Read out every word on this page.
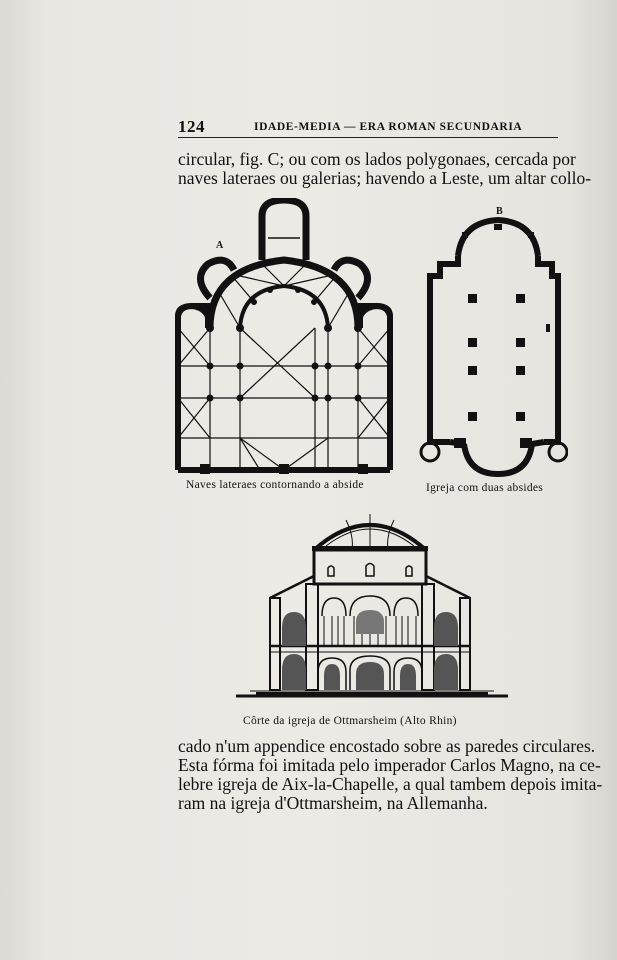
124	IDADE-MEDIA — ERA ROMAN SECUNDARIA
circular, fig. C; ou com os lados polygonaes, cercada por
naves lateraes ou galerias; havendo a Leste, um altar collo-
A
Naves lateraes contornando a abside
B
Igreja com duas absides
Côrte da igreja de Ottmarsheim (Alto Rhin)
cado n'um appendice encostado sobre as paredes circulares.
Esta fórma foi imitada pelo imperador Carlos Magno, na ce-
lebre igreja de Aix-la-Chapelle, a qual tambem depois imita-
ram na igreja d'Ottmarsheim, na Allemanha.
